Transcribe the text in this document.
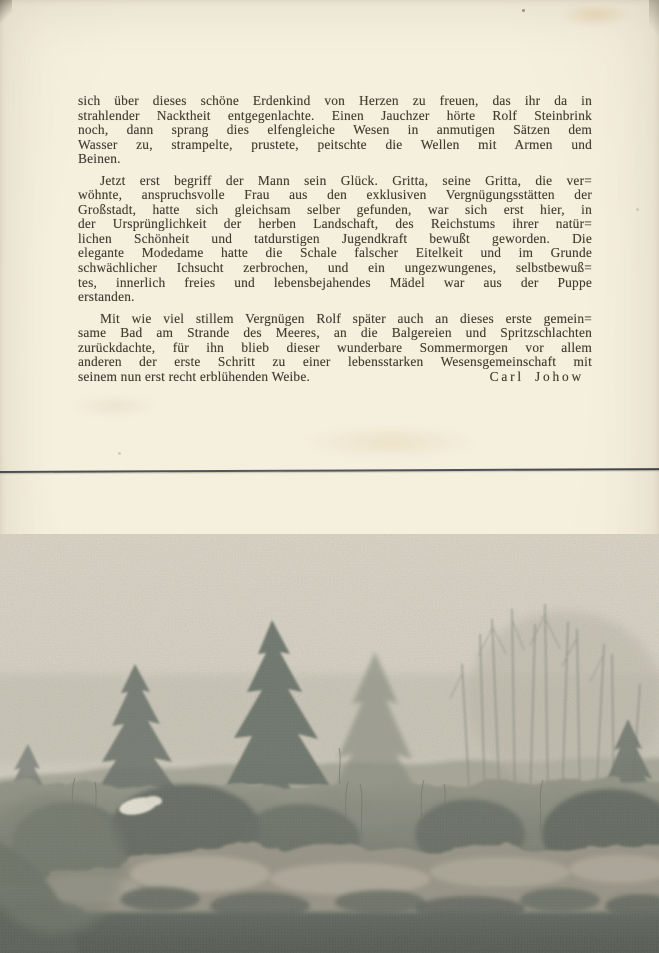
sich über dieses schöne Erdenkind von Herzen zu freuen, das ihr da in
strahlender Nacktheit entgegenlachte. Einen Jauchzer hörte Rolf Steinbrink
noch, dann sprang dies elfengleiche Wesen in anmutigen Sätzen dem
Wasser zu, strampelte, prustete, peitschte die Wellen mit Armen und
Beinen.
Jetzt erst begriff der Mann sein Glück. Gritta, seine Gritta, die ver=
wöhnte, anspruchsvolle Frau aus den exklusiven Vergnügungsstätten der
Großstadt, hatte sich gleichsam selber gefunden, war sich erst hier, in
der Ursprünglichkeit der herben Landschaft, des Reichstums ihrer natür=
lichen Schönheit und tatdurstigen Jugendkraft bewußt geworden. Die
elegante Modedame hatte die Schale falscher Eitelkeit und im Grunde
schwächlicher Ichsucht zerbrochen, und ein ungezwungenes, selbstbewuß=
tes, innerlich freies und lebensbejahendes Mädel war aus der Puppe
erstanden.
Mit wie viel stillem Vergnügen Rolf später auch an dieses erste gemein=
same Bad am Strande des Meeres, an die Balgereien und Spritzschlachten
zurückdachte, für ihn blieb dieser wunderbare Sommermorgen vor allem
anderen der erste Schritt zu einer lebensstarken Wesensgemeinschaft mit
seinem nun erst recht erblühenden Weibe.	Carl Johow
